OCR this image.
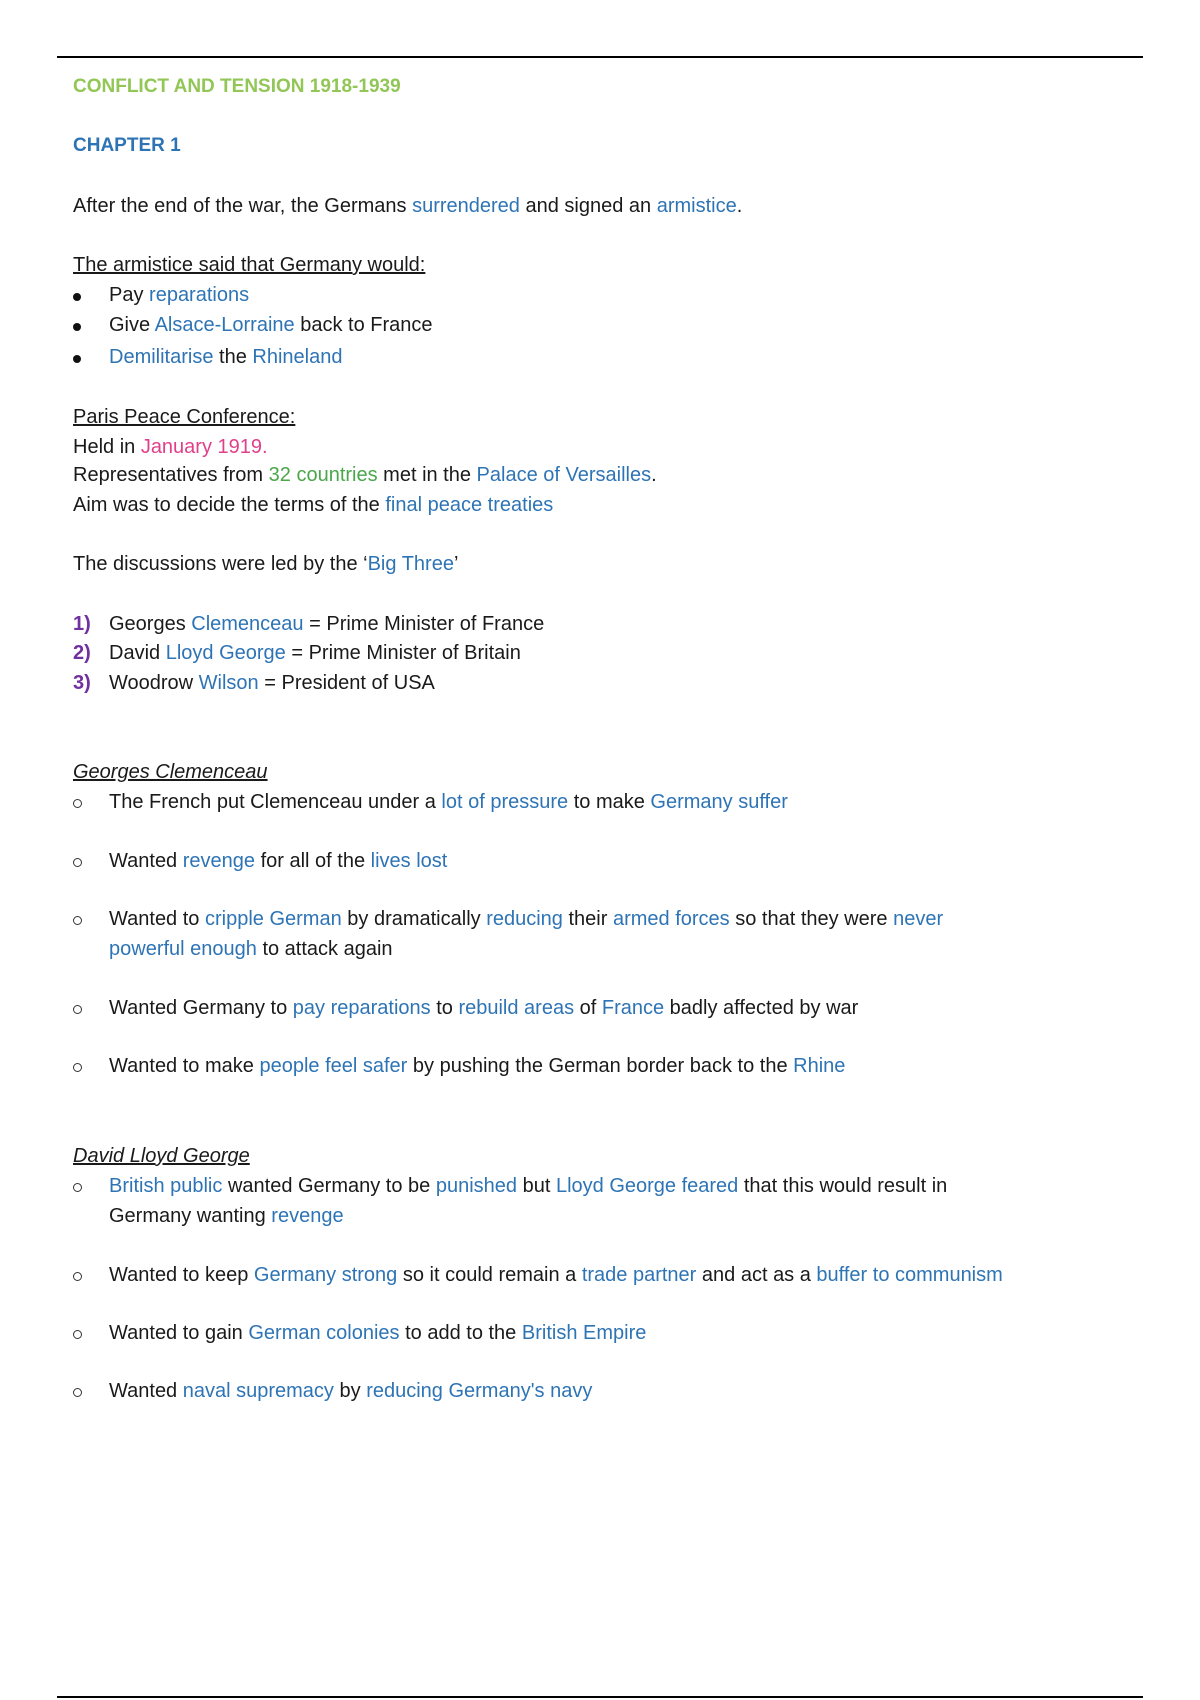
CONFLICT AND TENSION 1918-1939
CHAPTER 1
After the end of the war, the Germans surrendered and signed an armistice.
The armistice said that Germany would:
Pay reparations
Give Alsace-Lorraine back to France
Demilitarise the Rhineland
Paris Peace Conference:
Held in January 1919.
Representatives from 32 countries met in the Palace of Versailles.
Aim was to decide the terms of the final peace treaties
The discussions were led by the ‘Big Three’
1) Georges Clemenceau = Prime Minister of France
2) David Lloyd George = Prime Minister of Britain
3) Woodrow Wilson = President of USA
Georges Clemenceau
The French put Clemenceau under a lot of pressure to make Germany suffer
Wanted revenge for all of the lives lost
Wanted to cripple German by dramatically reducing their armed forces so that they were never
powerful enough to attack again
Wanted Germany to pay reparations to rebuild areas of France badly affected by war
Wanted to make people feel safer by pushing the German border back to the Rhine
David Lloyd George
British public wanted Germany to be punished but Lloyd George feared that this would result in
Germany wanting revenge
Wanted to keep Germany strong so it could remain a trade partner and act as a buffer to communism
Wanted to gain German colonies to add to the British Empire
Wanted naval supremacy by reducing Germany's navy
